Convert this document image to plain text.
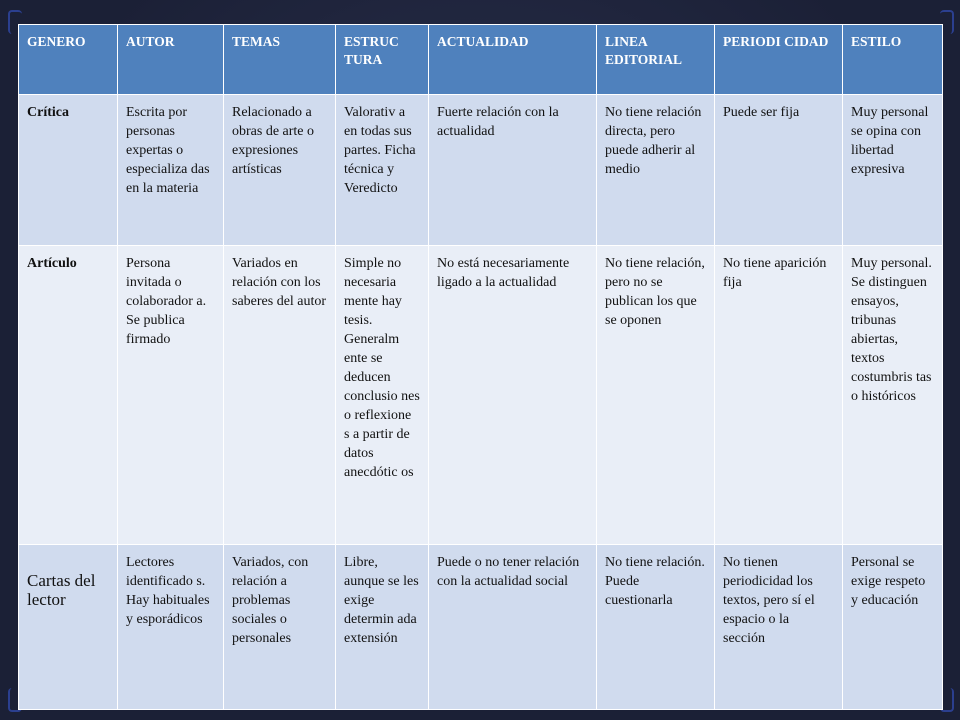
GENERO	AUTOR	TEMAS	ESTRUC TURA	ACTUALIDAD	LINEA EDITORIAL	PERIODI CIDAD	ESTILO
Crítica	Escrita por personas expertas o especializa das en la materia	Relacionado a obras de arte o expresiones artísticas	Valorativ a en todas sus partes. Ficha técnica y Veredicto	Fuerte relación con la actualidad	No tiene relación directa, pero puede adherir al medio	Puede ser fija	Muy personal se opina con libertad expresiva
Artículo	Persona invitada o colaborador a. Se publica firmado	Variados en relación con los saberes del autor	Simple no necesaria mente hay tesis. Generalm ente se deducen conclusio nes o reflexione s a partir de datos anecdótic os	No está necesariamente ligado a la actualidad	No tiene relación, pero no se publican los que se oponen	No tiene aparición fija	Muy personal. Se distinguen ensayos, tribunas abiertas, textos costumbris tas o históricos
Cartas del lector	Lectores identificado s. Hay habituales y esporádicos	Variados, con relación a problemas sociales o personales	Libre, aunque se les exige determin ada extensión	Puede o no tener relación con la actualidad social	No tiene relación. Puede cuestionarla	No tienen periodicidad los textos, pero sí el espacio o la sección	Personal se exige respeto y educación
